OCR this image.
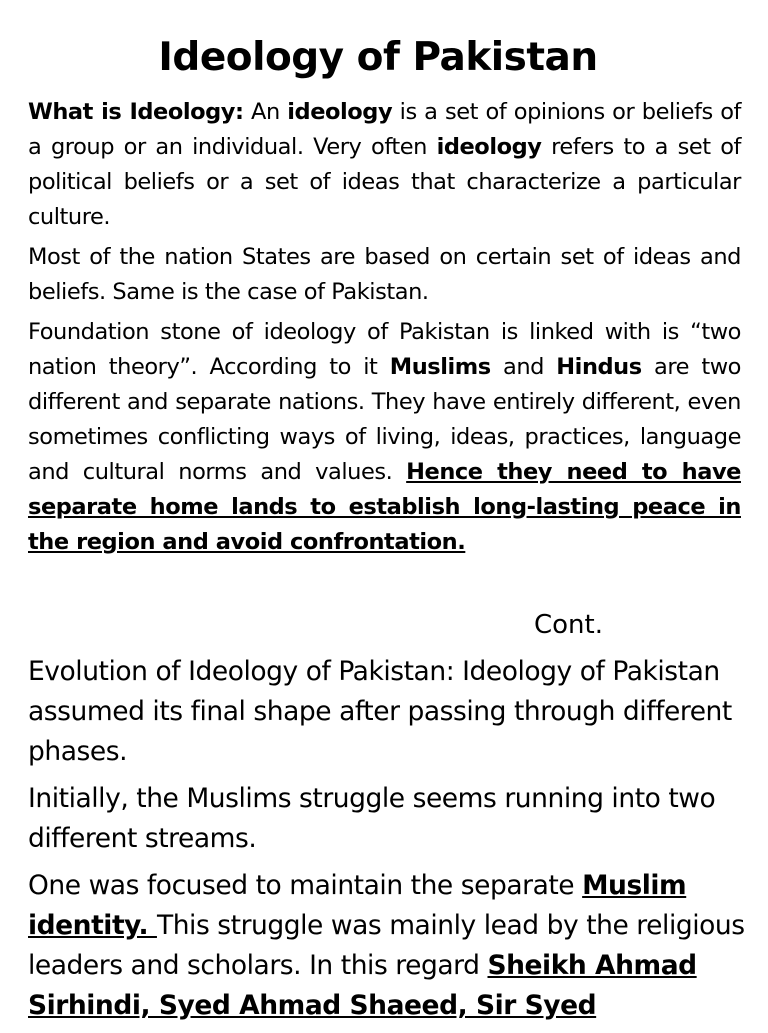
Ideology of Pakistan

What is Ideology: An ideology is a set of opinions or beliefs of a group or an individual. Very often ideology refers to a set of political beliefs or a set of ideas that characterize a particular culture.

Most of the nation States are based on certain set of ideas and beliefs. Same is the case of Pakistan.

Foundation stone of ideology of Pakistan is linked with is “two nation theory”. According to it Muslims and Hindus are two different and separate nations. They have entirely different, even sometimes conflicting ways of living, ideas, practices, language and cultural norms and values. Hence they need to have separate home lands to establish long-lasting peace in the region and avoid confrontation.

Cont.

Evolution of Ideology of Pakistan: Ideology of Pakistan assumed its final shape after passing through different phases.

Initially, the Muslims struggle seems running into two different streams.

One was focused to maintain the separate Muslim identity. This struggle was mainly lead by the religious leaders and scholars. In this regard Sheikh Ahmad Sirhindi, Syed Ahmad Shaeed, Sir Syed
